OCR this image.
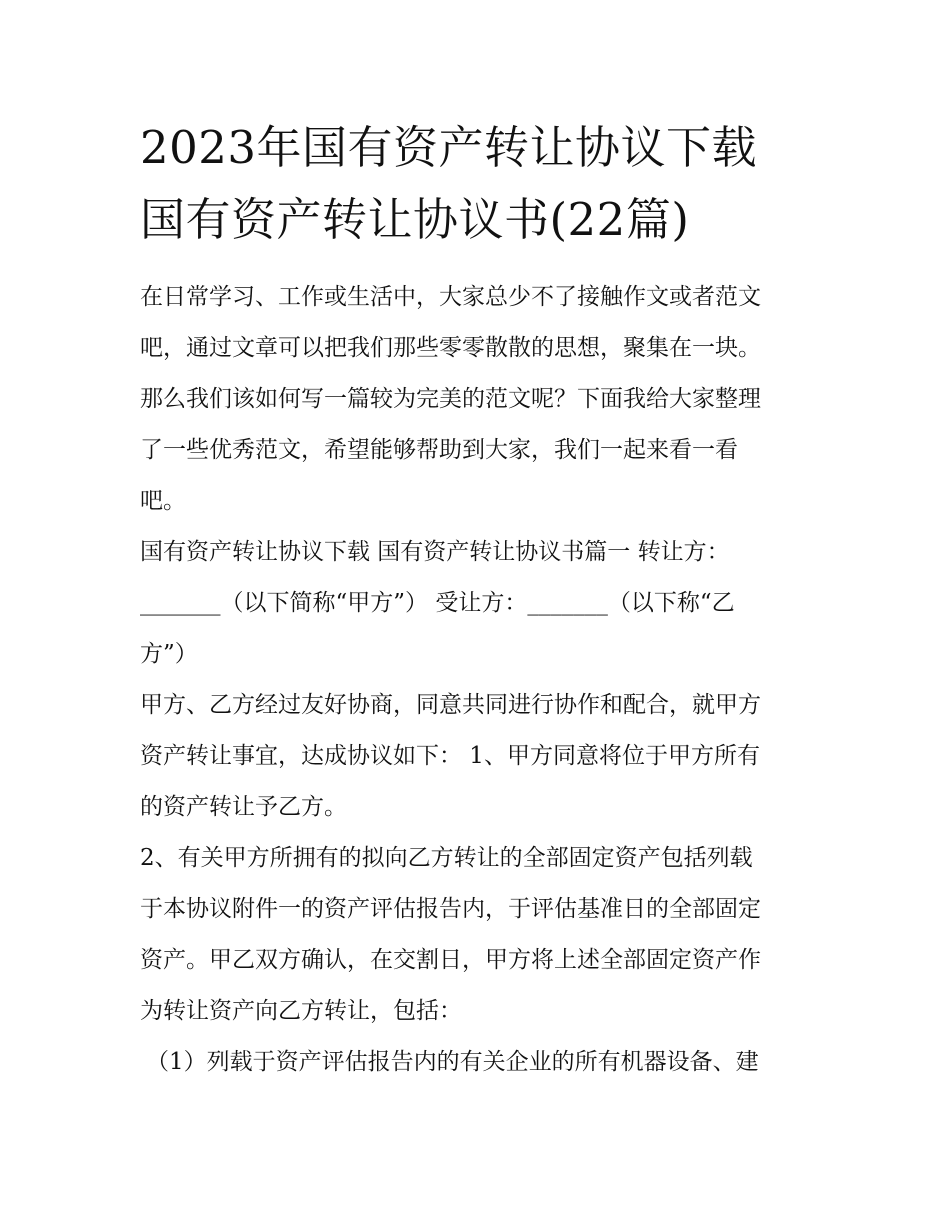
2023年国有资产转让协议下载
国有资产转让协议书(22篇)
在日常学习、工作或生活中，大家总少不了接触作文或者范文
吧，通过文章可以把我们那些零零散散的思想，聚集在一块。
那么我们该如何写一篇较为完美的范文呢？下面我给大家整理
了一些优秀范文，希望能够帮助到大家，我们一起来看一看
吧。
国有资产转让协议下载 国有资产转让协议书篇一 转让方：
_______（以下简称“甲方”） 受让方：_______（以下称“乙
方”）
甲方、乙方经过友好协商，同意共同进行协作和配合，就甲方
资产转让事宜，达成协议如下： 1、甲方同意将位于甲方所有
的资产转让予乙方。
2、有关甲方所拥有的拟向乙方转让的全部固定资产包括列载
于本协议附件一的资产评估报告内，于评估基准日的全部固定
资产。甲乙双方确认，在交割日，甲方将上述全部固定资产作
为转让资产向乙方转让，包括：
（1）列载于资产评估报告内的有关企业的所有机器设备、建
